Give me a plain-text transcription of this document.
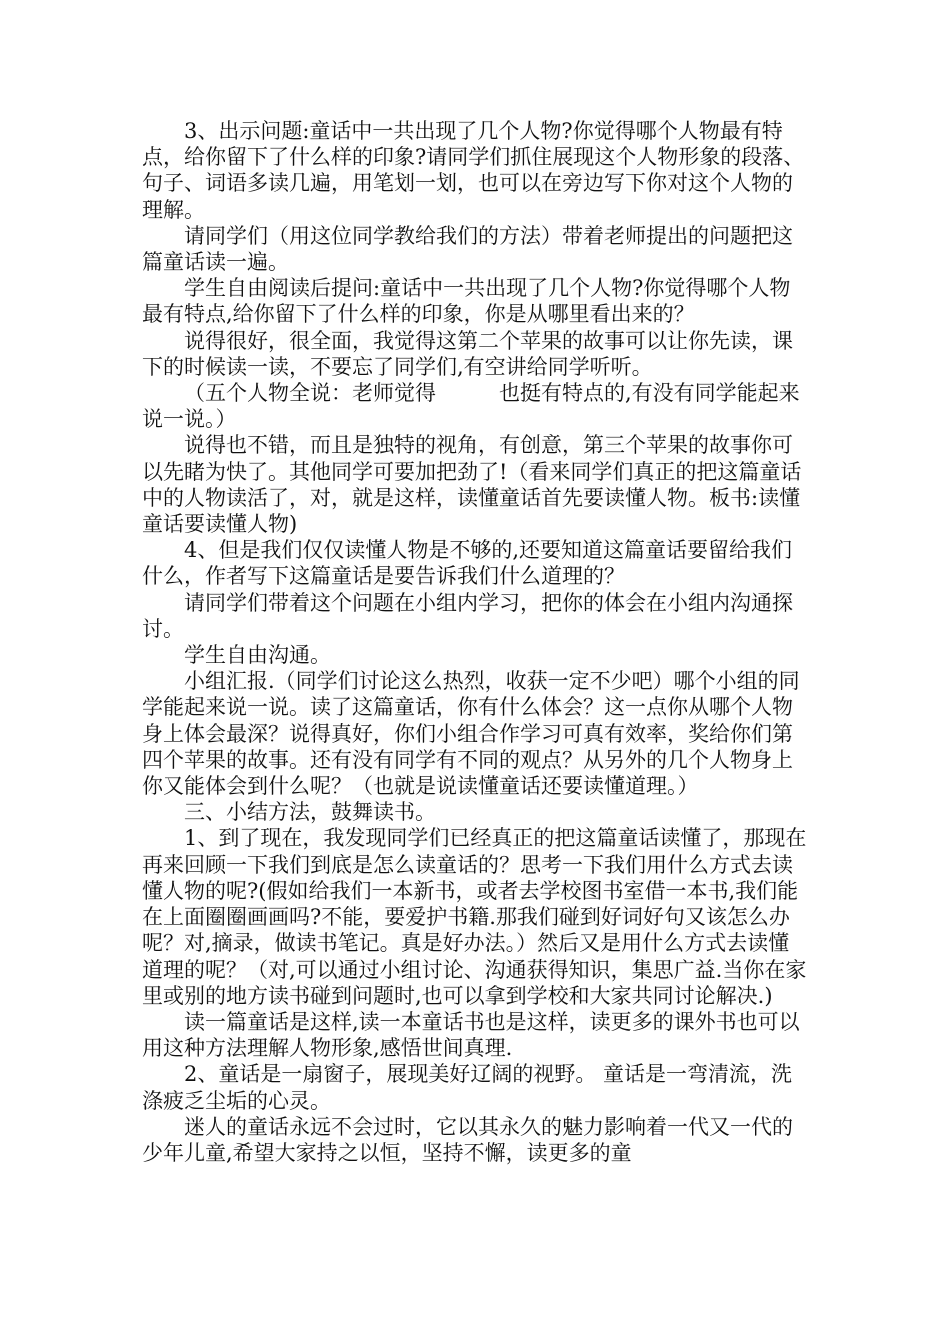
3、出示问题:童话中一共出现了几个人物?你觉得哪个人物最有特点，给你留下了什么样的印象?请同学们抓住展现这个人物形象的段落、句子、词语多读几遍，用笔划一划，也可以在旁边写下你对这个人物的理解。

请同学们（用这位同学教给我们的方法）带着老师提出的问题把这篇童话读一遍。

学生自由阅读后提问:童话中一共出现了几个人物?你觉得哪个人物最有特点,给你留下了什么样的印象，你是从哪里看出来的？

说得很好，很全面，我觉得这第二个苹果的故事可以让你先读，课下的时候读一读，不要忘了同学们,有空讲给同学听听。

（五个人物全说：老师觉得　　　也挺有特点的,有没有同学能起来说一说。）

说得也不错，而且是独特的视角，有创意，第三个苹果的故事你可以先睹为快了。其他同学可要加把劲了!（看来同学们真正的把这篇童话中的人物读活了，对，就是这样，读懂童话首先要读懂人物。板书:读懂童话要读懂人物)

4、但是我们仅仅读懂人物是不够的,还要知道这篇童话要留给我们什么，作者写下这篇童话是要告诉我们什么道理的？

请同学们带着这个问题在小组内学习，把你的体会在小组内沟通探讨。

学生自由沟通。

小组汇报.（同学们讨论这么热烈，收获一定不少吧）哪个小组的同学能起来说一说。读了这篇童话，你有什么体会？这一点你从哪个人物身上体会最深？说得真好，你们小组合作学习可真有效率，奖给你们第四个苹果的故事。还有没有同学有不同的观点？从另外的几个人物身上你又能体会到什么呢？（也就是说读懂童话还要读懂道理。）

三、小结方法，鼓舞读书。

1、到了现在，我发现同学们已经真正的把这篇童话读懂了，那现在再来回顾一下我们到底是怎么读童话的？思考一下我们用什么方式去读懂人物的呢?(假如给我们一本新书，或者去学校图书室借一本书,我们能在上面圈圈画画吗?不能，要爱护书籍.那我们碰到好词好句又该怎么办呢？对,摘录，做读书笔记。真是好办法。）然后又是用什么方式去读懂道理的呢？（对,可以通过小组讨论、沟通获得知识，集思广益.当你在家里或别的地方读书碰到问题时,也可以拿到学校和大家共同讨论解决.)

读一篇童话是这样,读一本童话书也是这样，读更多的课外书也可以用这种方法理解人物形象,感悟世间真理.

2、童话是一扇窗子，展现美好辽阔的视野。 童话是一弯清流，洗涤疲乏尘垢的心灵。

迷人的童话永远不会过时，它以其永久的魅力影响着一代又一代的少年儿童,希望大家持之以恒，坚持不懈，读更多的童
